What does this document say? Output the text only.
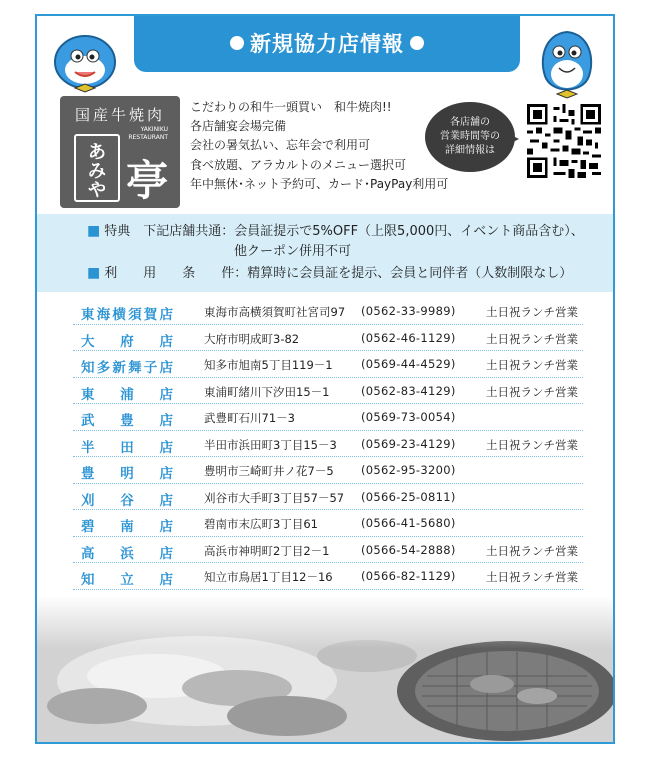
新規協力店情報
国産牛焼肉
あ
み
や
YAKINIKU
RESTAURANT
亭
こだわりの和牛一頭買い　和牛焼肉!!
各店舗宴会場完備
会社の暑気払い、忘年会で利用可
食べ放題、アラカルトのメニュー選択可
年中無休･ネット予約可、カード･PayPay利用可
各店舗の
営業時間等の
詳細情報は
■ 特典　下記店舗共通：会員証提示で5%OFF（上限5,000円、イベント商品含む）、
他クーポン併用不可
■ 利　　用　　条　　件：精算時に会員証を提示、会員と同伴者（人数制限なし）
東海横須賀店	東海市高横須賀町社宮司97 (0562-33-9989)	土日祝ランチ営業
大府店	大府市明成町3-82	(0562-46-1129)	土日祝ランチ営業
知多新舞子店	知多市旭南5丁目119－1 (0569-44-4529)	土日祝ランチ営業
東浦店	東浦町緒川下汐田15－1	(0562-83-4129)	土日祝ランチ営業
武豊店	武豊町石川71－3	(0569-73-0054)
半田店	半田市浜田町3丁目15－3 (0569-23-4129)	土日祝ランチ営業
豊明店	豊明市三崎町井ノ花7－5 (0562-95-3200)
刈谷店	刈谷市大手町3丁目57－57 (0566-25-0811)
碧南店	碧南市末広町3丁目61	(0566-41-5680)
高浜店	高浜市神明町2丁目2－1	(0566-54-2888)	土日祝ランチ営業
知立店	知立市鳥居1丁目12－16 (0566-82-1129)	土日祝ランチ営業
